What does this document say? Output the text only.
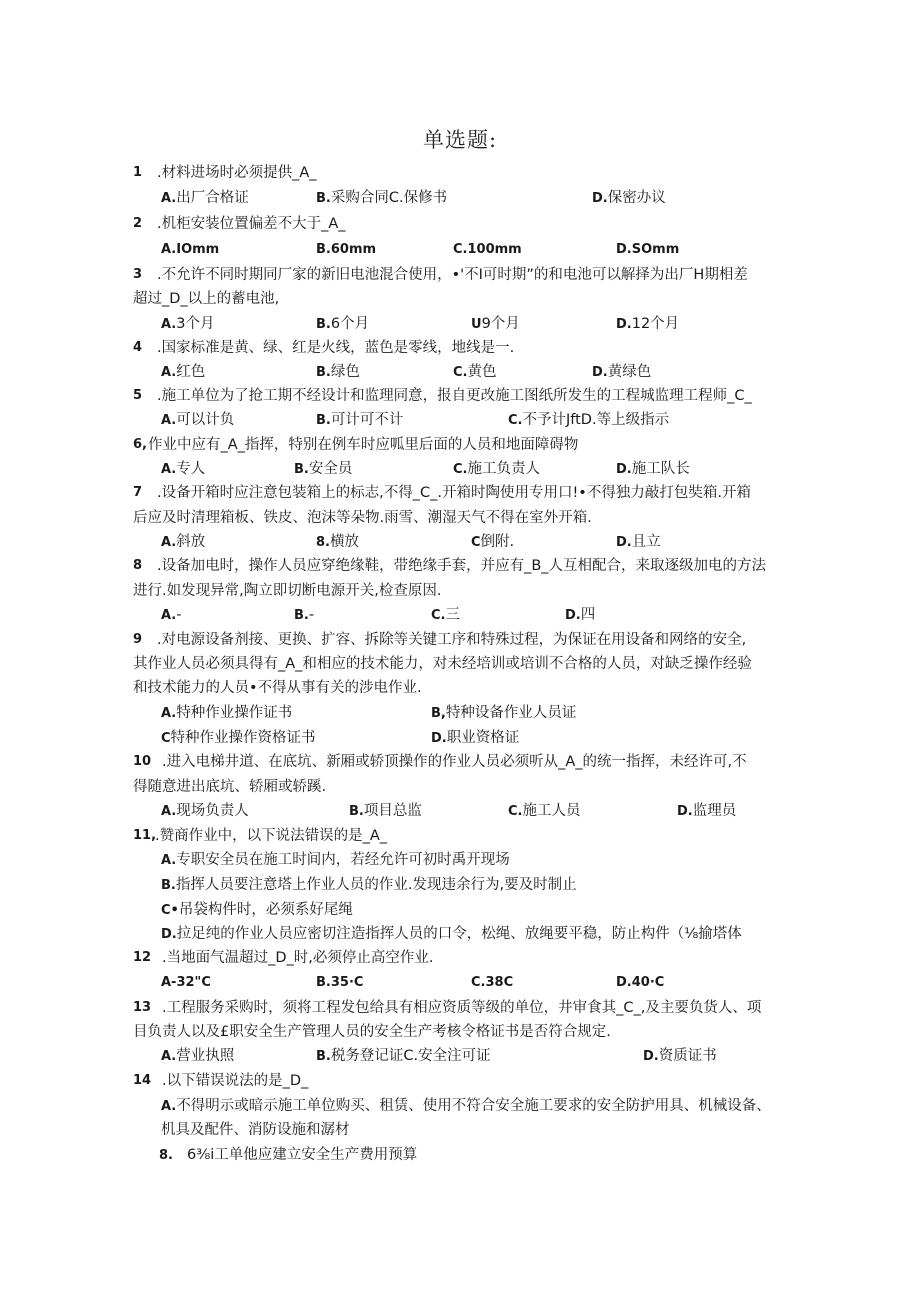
单选题:
1 .材料进场时必须提供_A_
A.出厂合格证	B.采购合同C.保修书	D.保密办议
2 .机柜安装位置偏差不大于_A_
A.IOmm	B.60mm	C.100mm	D.SOmm
3 .不允许不同时期同厂家的新旧电池混合使用，•'不I可时期”的和电池可以解择为出厂H期相差
超过_D_以上的蓄电池,
A.3个月	B.6个月	U9个月	D.12个月
4 .国家标准是黄、绿、红是火线，蓝色是零线，地线是一.
A.红色	B.绿色	C.黄色	D.黄绿色
5 .施工单位为了抢工期不经设计和监理同意，报自更改施工图纸所发生的工程城监理工程师_C_
A.可以计负	B.可计可不计	C.不予计JftD.等上级指示
6, 作业中应有_A_指挥，特别在例车时应呱里后面的人员和地面障碍物
A.专人	B.安全员	C.施工负责人	D.施工队长
7 .设备开箱时应注意包装箱上的标志,不得_C_.开箱时陶使用专用口!•不得独力敲打包奘箱.开箱
后应及时清理箱板、铁皮、泡沫等朵物.雨雪、潮湿天气不得在室外开箱.
A.斜放	8.横放	C倒附.	D.且立
8 .设备加电时，操作人员应穿绝缘鞋，带绝缘手套，并应有_B_人互相配合，来取逐级加电的方法
进行.如发现异常,陶立即切断电源开关,检查原因.
A.-	B.-	C.三	D.四
9 .对电源设备剂接、更换、扩容、拆除等关键工序和特殊过程，为保证在用设备和网络的安全,
其作业人员必须具得有_A_和相应的技术能力，对未经培训或培训不合格的人员，对缺乏操作经验
和技术能力的人员•不得从事有关的涉电作业.
A.特种作业操作证书	B,特种设备作业人员证
C特种作业操作资格证书	D.职业资格证
10 .进入电梯井道、在底坑、新厢或轿顶操作的作业人员必须听从_A_的统一指挥，未经许可,不
得随意进出底坑、轿厢或轿蹊.
A.现场负责人	B.项目总监	C.施工人员	D.监理员
11,
.赞商作业中，以下说法错误的是_A_
A.专职安全员在施工时间内，若经允许可初时禹开现场
B.指挥人员要注意塔上作业人员的作业.发现违余行为,要及时制止
C•吊袋构件时，必须系好尾绳
D.拉足纯的作业人员应密切注造指挥人员的口令，松绳、放绳要平稳，防止构件（⅛揄塔体
12 .当地面气温超过_D_时,必须停止高空作业.
A-32"C	B.35·C	C.38C	D.40·C
13 .工程服务采购时，须将工程发包给具有相应资质等级的单位，井审食其_C_,及主要负货人、项
目负责人以及£职安全生产管理人员的安全生产考核令格证书是否符合规定.
A.营业执照	B.税务登记证C.安全注可证	D.资质证书
14 .以下错误说法的是_D_
A.不得明示或暗示施工单位购买、租赁、使用不符合安全施工要求的安全防护用具、机械设备、
机具及配件、消防设施和潺材
8. 6⅜i工单他应建立安全生产费用预算
